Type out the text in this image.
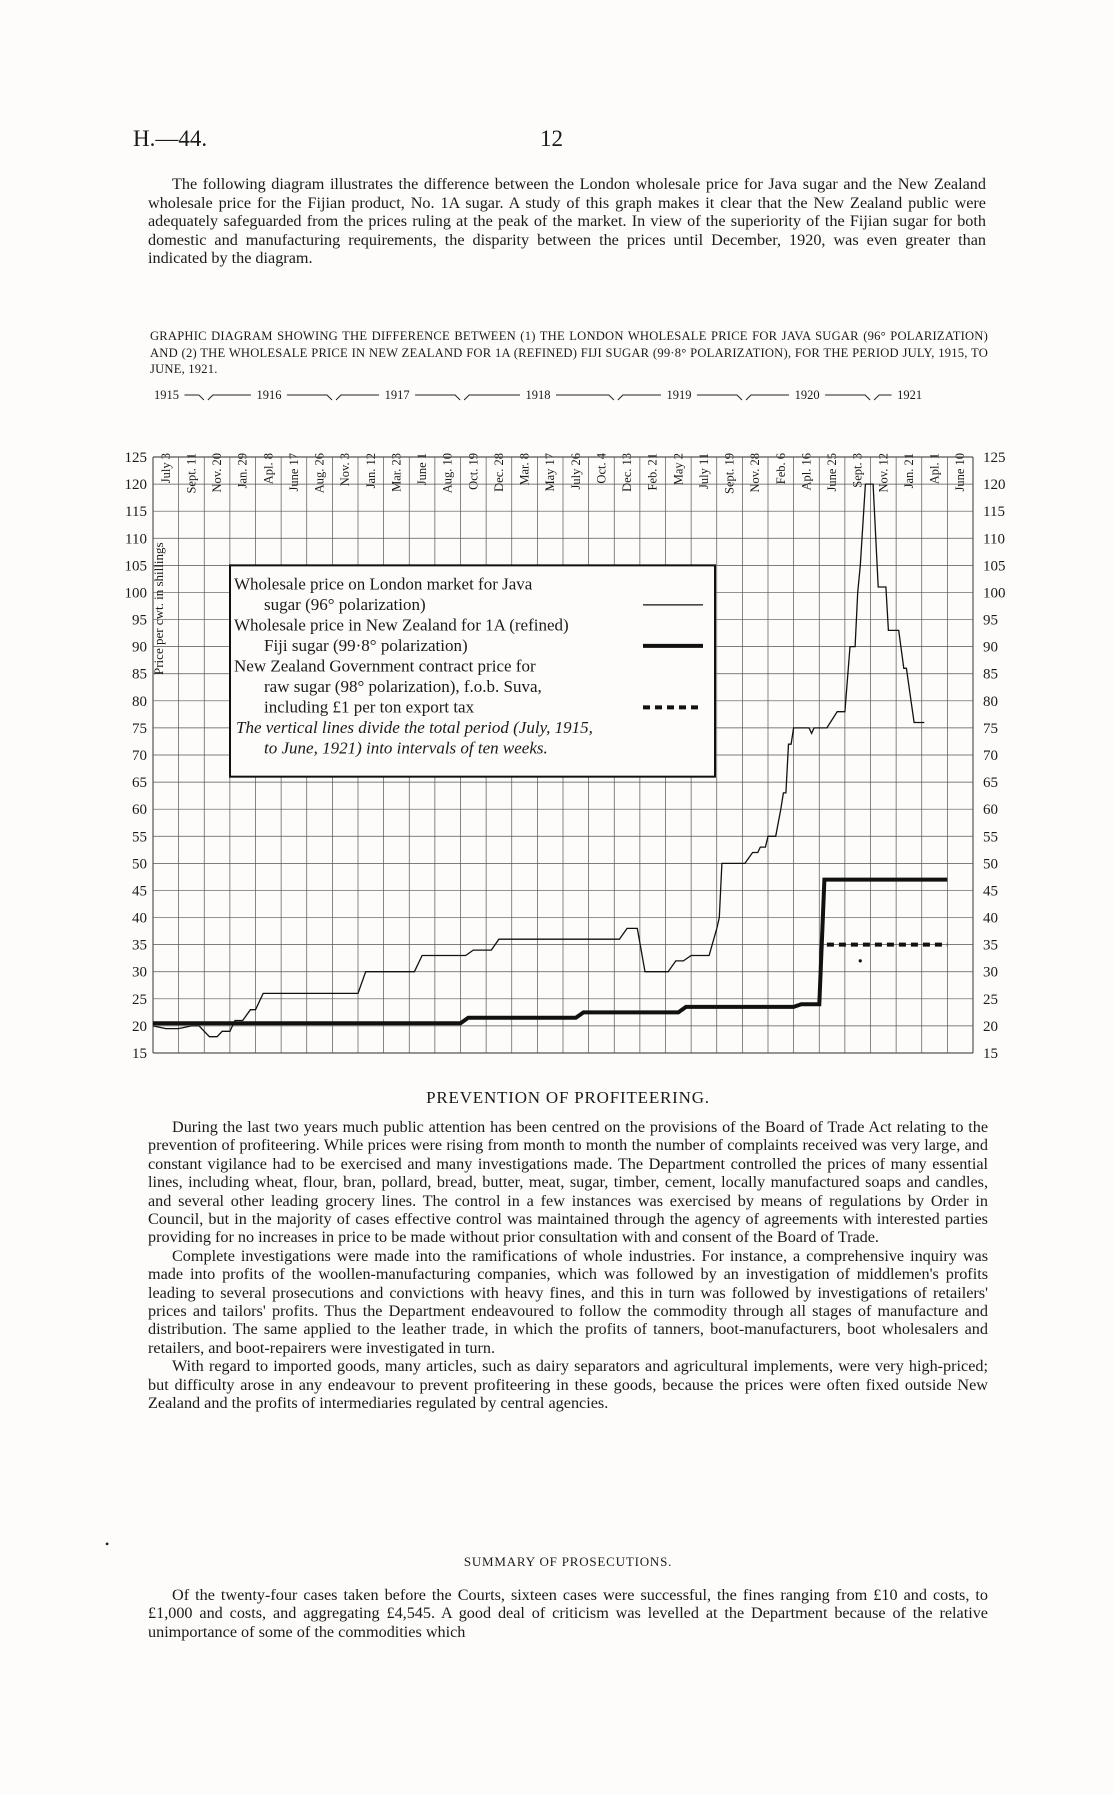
H.—44.	12

The following diagram illustrates the difference between the London wholesale price for Java sugar and the New Zealand wholesale price for the Fijian product, No. 1A sugar. A study of this graph makes it clear that the New Zealand public were adequately safeguarded from the prices ruling at the peak of the market. In view of the superiority of the Fijian sugar for both domestic and manufacturing requirements, the disparity between the prices until December, 1920, was even greater than indicated by the diagram.

GRAPHIC DIAGRAM SHOWING THE DIFFERENCE BETWEEN (1) THE LONDON WHOLESALE PRICE FOR JAVA SUGAR (96° POLARIZATION) AND (2) THE WHOLESALE PRICE IN NEW ZEALAND FOR 1A (REFINED) FIJI SUGAR (99·8° POLARIZATION), FOR THE PERIOD JULY, 1915, TO JUNE, 1921.

1915	1916	1917	1918	1919	1920	1921
July 3 Sept. 11 Nov. 20 Jan. 29 Apl. 8 June 17 Aug. 26 Nov. 3 Jan. 12 Mar. 23 June 1 Aug. 10 Oct. 19 Dec. 28 Mar. 8 May 17 July 26 Oct. 4 Dec. 13 Feb. 21 May 2 July 11 Sept. 19 Nov. 28 Feb. 6 Apl. 16 June 25 Sept. 3 Nov. 12 Jan. 21 Apl. 1 June 10
15	15
20	20
25	25
30	30
35	35
40	40
45	45
50	50
55	55
60	60
65	65
70	70
75	75
80	80
85	85
90	90
95	95
100	100
105	105
110	110
115	115
120	120
125	125
Price per cwt. in shillings	Wholesale price on London market for Java
sugar (96° polarization)
Wholesale price in New Zealand for 1A (refined)
Fiji sugar (99·8° polarization)
New Zealand Government contract price for
raw sugar (98° polarization), f.o.b. Suva,
including £1 per ton export tax
The vertical lines divide the total period (July, 1915,
to June, 1921) into intervals of ten weeks.
PREVENTION OF PROFITEERING.

During the last two years much public attention has been centred on the provisions of the Board of Trade Act relating to the prevention of profiteering. While prices were rising from month to month the number of complaints received was very large, and constant vigilance had to be exercised and many investigations made. The Department controlled the prices of many essential lines, including wheat, flour, bran, pollard, bread, butter, meat, sugar, timber, cement, locally manufactured soaps and candles, and several other leading grocery lines. The control in a few instances was exercised by means of regulations by Order in Council, but in the majority of cases effective control was maintained through the agency of agreements with interested parties providing for no increases in price to be made without prior consultation with and consent of the Board of Trade.

Complete investigations were made into the ramifications of whole industries. For instance, a comprehensive inquiry was made into profits of the woollen-manufacturing companies, which was followed by an investigation of middlemen's profits leading to several prosecutions and convictions with heavy fines, and this in turn was followed by investigations of retailers' prices and tailors' profits. Thus the Department endeavoured to follow the commodity through all stages of manufacture and distribution. The same applied to the leather trade, in which the profits of tanners, boot-manufacturers, boot wholesalers and retailers, and boot-repairers were investigated in turn.

With regard to imported goods, many articles, such as dairy separators and agricultural implements, were very high-priced; but difficulty arose in any endeavour to prevent profiteering in these goods, because the prices were often fixed outside New Zealand and the profits of intermediaries regulated by central agencies.

•
SUMMARY OF PROSECUTIONS.

Of the twenty-four cases taken before the Courts, sixteen cases were successful, the fines ranging from £10 and costs, to £1,000 and costs, and aggregating £4,545. A good deal of criticism was levelled at the Department because of the relative unimportance of some of the commodities which
